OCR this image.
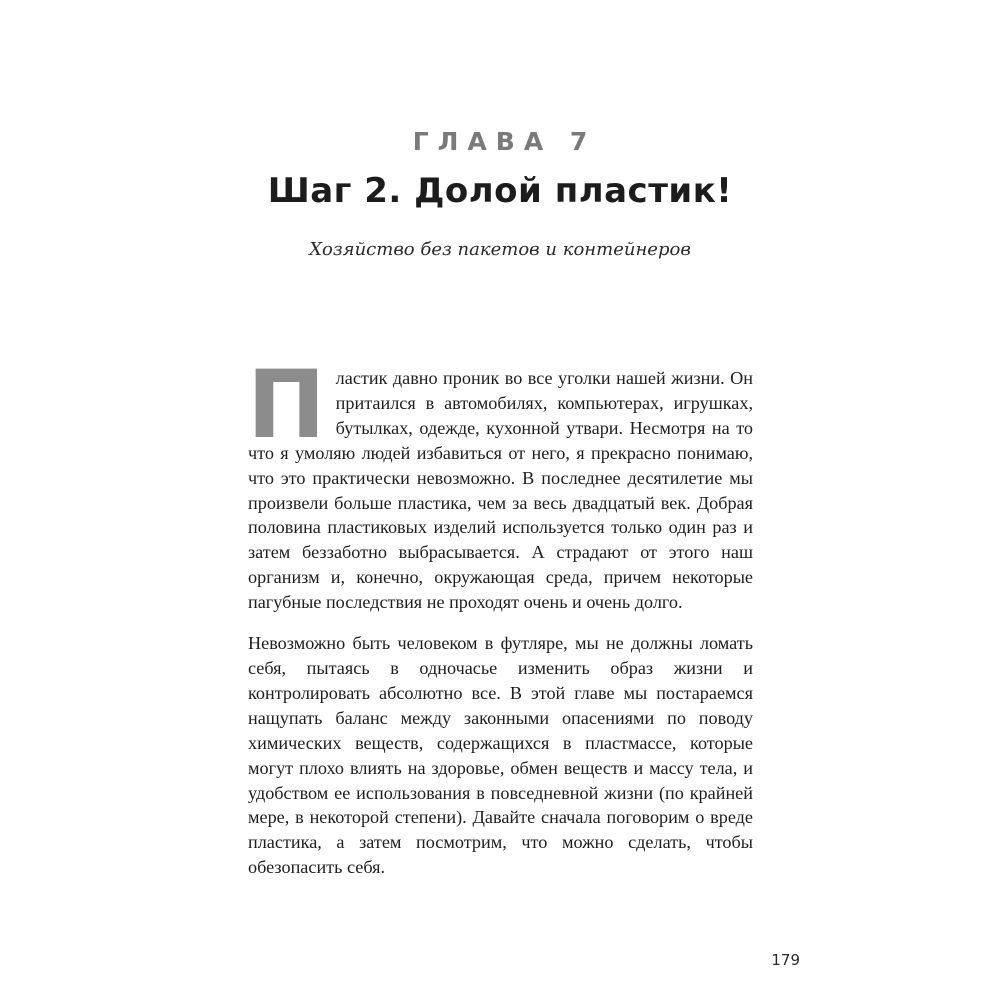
ГЛАВА 7
Шаг 2. Долой пластик!
Хозяйство без пакетов и контейнеров

Пластик давно проник во все уголки нашей жизни. Он притаился в автомобилях, компьютерах, игрушках, бутылках, одежде, кухонной утвари. Несмотря на то что я умоляю людей избавиться от него, я прекрасно понимаю, что это практически невозможно. В последнее десятилетие мы произвели больше пластика, чем за весь двадцатый век. Добрая половина пластиковых изделий используется только один раз и затем беззаботно выбрасывается. А страдают от этого наш организм и, конечно, окружающая среда, причем некоторые пагубные последствия не проходят очень и очень долго.

Невозможно быть человеком в футляре, мы не должны ломать себя, пытаясь в одночасье изменить образ жизни и контролировать абсолютно все. В этой главе мы постараемся нащупать баланс между законными опасениями по поводу химических веществ, содержащихся в пластмассе, которые могут плохо влиять на здоровье, обмен веществ и массу тела, и удобством ее использования в повседневной жизни (по крайней мере, в некоторой степени). Давайте сначала поговорим о вреде пластика, а затем посмотрим, что можно сделать, чтобы обезопасить себя.

179
